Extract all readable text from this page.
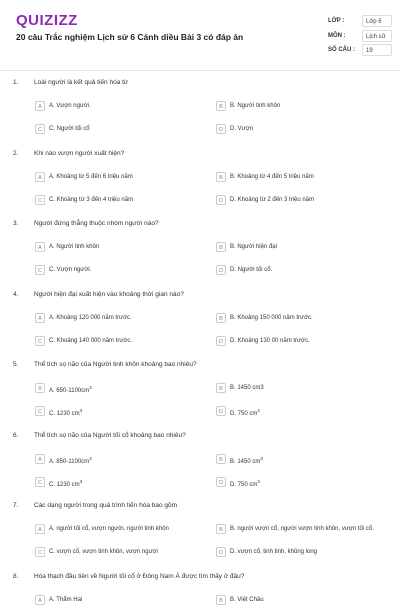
QUIZIZZ
20 câu Trắc nghiệm Lịch sử 6 Cánh diều Bài 3 có đáp án
LỚP :	Lớp 6
MÔN :	Lịch sử
SỐ CÂU :	19
1. Loài người là kết quả tiến hóa từ
A	A. Vượn người.	B	B. Người tinh khôn
C	C. Người tối cổ	D	D. Vượn
2. Khi nào vượn người xuất hiện?
A	A. Khoảng từ 5 đến 6 triệu năm	B	B. Khoảng từ 4 đến 5 triệu năm
C	C. Khoảng từ 3 đến 4 triệu năm	D	D. Khoảng từ 2 đến 3 triệu năm
3. Người đứng thẳng thuộc nhóm người nào?
A	A. Người tinh khôn	B	B. Người hiện đại
C	C. Vượn người.	D	D. Người tối cổ.
4. Người hiện đại xuất hiện vào khoảng thời gian nào?
A	A. Khoảng 120 000 năm trước.	B	B. Khoảng 150 000 năm trước.
C	C. Khoảng 140 000 năm trước.	D	D. Khoảng 130 00 năm trước.
5. Thể tích sọ não của Người tinh khôn khoảng bao nhiêu?
A	A. $650-1100cm^3$	B	B. 1450 cm3
C	C. 1230 $cm^3$	D	D. 750 $cm^3$
6. Thể tích sọ não của Người tối cổ khoảng bao nhiêu?
A	A. $850-1100cm^3$	B	B. 1450 $cm^3$
C	C. 1230 $cm^3$	D	D. 750 $cm^3$
7. Các dạng người trong quá trình tiến hóa bao gồm
A	A. người tối cổ, vượn người, người tinh khôn	B	B. người vượn cổ, người vượn tinh khôn, vượn tối cổ.
C	C. vượn cổ, vượn tinh khôn, vượn người	D	D. vượn cổ, tinh tinh, khủng long
8. Hóa thạch đầu tiên về Người tối cổ ở Đông Nam Á được tìm thấy ở đâu?
A	A. Thẩm Hai	B	B. Việt Châu
